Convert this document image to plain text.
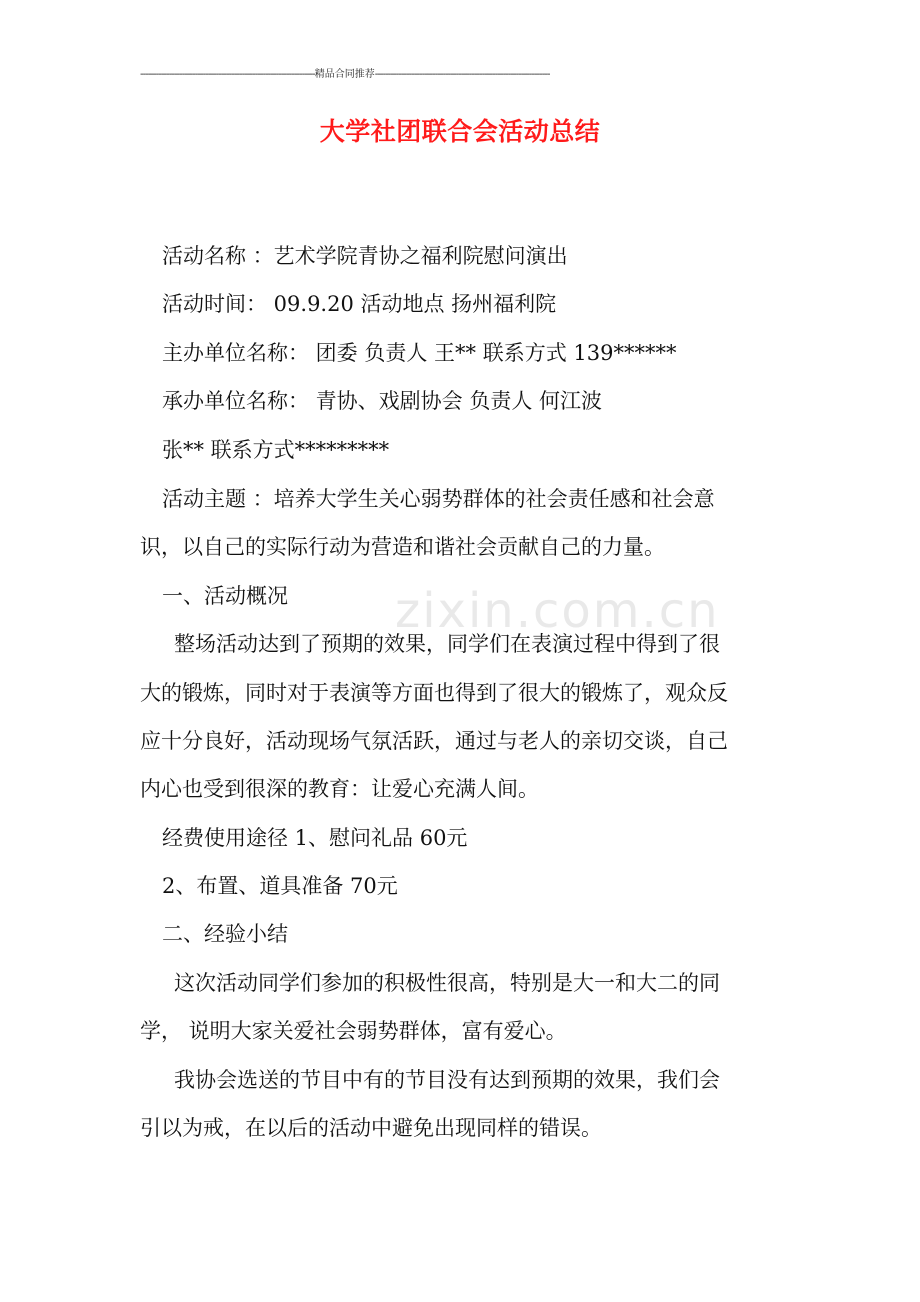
-------------------------------------------------------------------精品合同推荐-------------------------------------------------------------------
大学社团联合会活动总结
zixin.com.cn
活动名称 ：艺术学院青协之福利院慰问演出
活动时间： 09.9.20 活动地点 扬州福利院
主办单位名称： 团委 负责人 王** 联系方式 139******
承办单位名称： 青协、戏剧协会 负责人 何江波
张** 联系方式*********
活动主题 ：培养大学生关心弱势群体的社会责任感和社会意
识，以自己的实际行动为营造和谐社会贡献自己的力量。
一、活动概况
整场活动达到了预期的效果，同学们在表演过程中得到了很
大的锻炼，同时对于表演等方面也得到了很大的锻炼了，观众反
应十分良好，活动现场气氛活跃，通过与老人的亲切交谈，自己
内心也受到很深的教育：让爱心充满人间。
经费使用途径 1、慰问礼品 60元
2、布置、道具准备 70元
二、经验小结
这次活动同学们参加的积极性很高，特别是大一和大二的同
学， 说明大家关爱社会弱势群体，富有爱心。
我协会选送的节目中有的节目没有达到预期的效果，我们会
引以为戒，在以后的活动中避免出现同样的错误。
